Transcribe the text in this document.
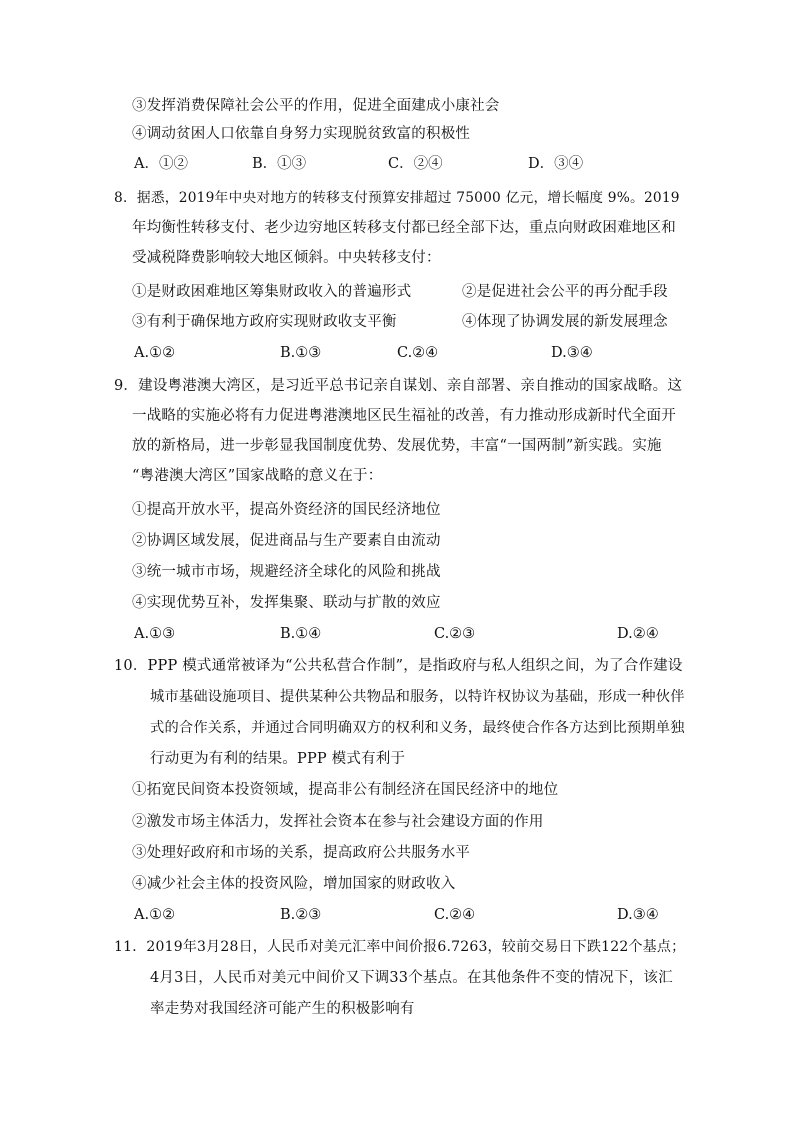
③发挥消费保障社会公平的作用，促进全面建成小康社会
④调动贫困人口依靠自身努力实现脱贫致富的积极性
A．①②	B．①③	C．②④	D．③④
8．据悉，2019年中央对地方的转移支付预算安排超过 75000 亿元，增长幅度 9%。2019
年均衡性转移支付、老少边穷地区转移支付都已经全部下达，重点向财政困难地区和
受减税降费影响较大地区倾斜。中央转移支付：
①是财政困难地区筹集财政收入的普遍形式	②是促进社会公平的再分配手段
③有利于确保地方政府实现财政收支平衡	④体现了协调发展的新发展理念
A.①②	B.①③	C.②④	D.③④
9．建设粤港澳大湾区，是习近平总书记亲自谋划、亲自部署、亲自推动的国家战略。这
一战略的实施必将有力促进粤港澳地区民生福祉的改善，有力推动形成新时代全面开
放的新格局，进一步彰显我国制度优势、发展优势，丰富“一国两制”新实践。实施
“粤港澳大湾区”国家战略的意义在于：
①提高开放水平，提高外资经济的国民经济地位
②协调区域发展，促进商品与生产要素自由流动
③统一城市市场，规避经济全球化的风险和挑战
④实现优势互补，发挥集聚、联动与扩散的效应
A.①③	B.①④	C.②③	D.②④
10．PPP 模式通常被译为“公共私营合作制”，是指政府与私人组织之间，为了合作建设
城市基础设施项目、提供某种公共物品和服务，以特许权协议为基础，形成一种伙伴
式的合作关系，并通过合同明确双方的权利和义务，最终使合作各方达到比预期单独
行动更为有利的结果。PPP 模式有利于
①拓宽民间资本投资领域，提高非公有制经济在国民经济中的地位
②激发市场主体活力，发挥社会资本在参与社会建设方面的作用
③处理好政府和市场的关系，提高政府公共服务水平
④减少社会主体的投资风险，增加国家的财政收入
A.①②	B.②③	C.②④	D.③④
11．2019年3月28日，人民币对美元汇率中间价报6.7263，较前交易日下跌122个基点；
4月3日，人民币对美元中间价又下调33个基点。在其他条件不变的情况下，该汇
率走势对我国经济可能产生的积极影响有
